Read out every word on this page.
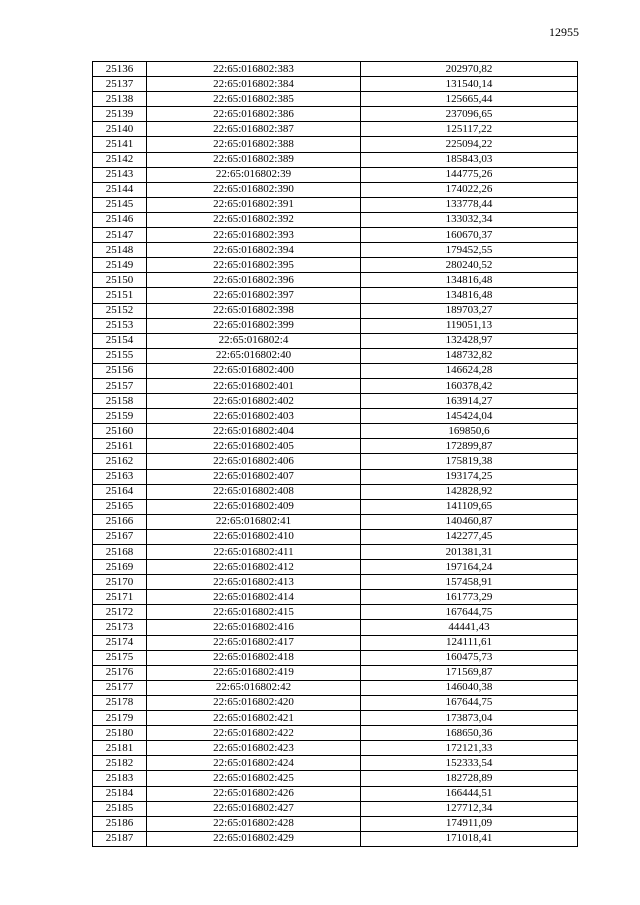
12955
25136	22:65:016802:383	202970,82
25137	22:65:016802:384	131540,14
25138	22:65:016802:385	125665,44
25139	22:65:016802:386	237096,65
25140	22:65:016802:387	125117,22
25141	22:65:016802:388	225094,22
25142	22:65:016802:389	185843,03
25143	22:65:016802:39	144775,26
25144	22:65:016802:390	174022,26
25145	22:65:016802:391	133778,44
25146	22:65:016802:392	133032,34
25147	22:65:016802:393	160670,37
25148	22:65:016802:394	179452,55
25149	22:65:016802:395	280240,52
25150	22:65:016802:396	134816,48
25151	22:65:016802:397	134816,48
25152	22:65:016802:398	189703,27
25153	22:65:016802:399	119051,13
25154	22:65:016802:4	132428,97
25155	22:65:016802:40	148732,82
25156	22:65:016802:400	146624,28
25157	22:65:016802:401	160378,42
25158	22:65:016802:402	163914,27
25159	22:65:016802:403	145424,04
25160	22:65:016802:404	169850,6
25161	22:65:016802:405	172899,87
25162	22:65:016802:406	175819,38
25163	22:65:016802:407	193174,25
25164	22:65:016802:408	142828,92
25165	22:65:016802:409	141109,65
25166	22:65:016802:41	140460,87
25167	22:65:016802:410	142277,45
25168	22:65:016802:411	201381,31
25169	22:65:016802:412	197164,24
25170	22:65:016802:413	157458,91
25171	22:65:016802:414	161773,29
25172	22:65:016802:415	167644,75
25173	22:65:016802:416	44441,43
25174	22:65:016802:417	124111,61
25175	22:65:016802:418	160475,73
25176	22:65:016802:419	171569,87
25177	22:65:016802:42	146040,38
25178	22:65:016802:420	167644,75
25179	22:65:016802:421	173873,04
25180	22:65:016802:422	168650,36
25181	22:65:016802:423	172121,33
25182	22:65:016802:424	152333,54
25183	22:65:016802:425	182728,89
25184	22:65:016802:426	166444,51
25185	22:65:016802:427	127712,34
25186	22:65:016802:428	174911,09
25187	22:65:016802:429	171018,41
